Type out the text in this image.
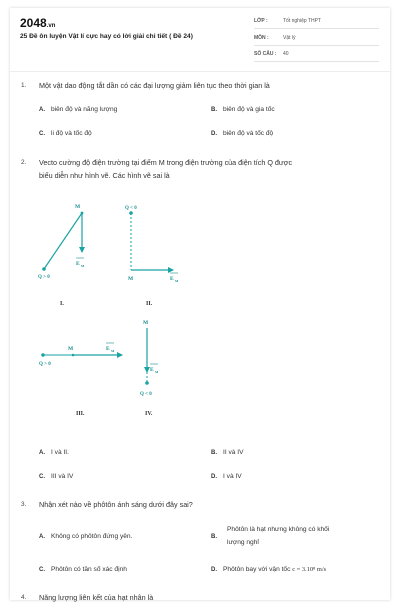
2048.vn
25 Đề ôn luyện Vật lí cực hay có lời giải chi tiết ( Đề 24)
LỚP :	Tốt nghiệp THPT
MÔN :	Vật lý
SỐ CÂU : 40
1. Một vật dao động tắt dần có các đại lượng giảm liên tục theo thời gian là
A. biên độ và năng lượng	B. biên độ và gia tốc
C. li độ và tốc độ	D. biên độ và tốc độ
2. Vecto cường độ điện trường tại điểm M trong điện trường của điện tích Q được
biểu diễn như hình vẽ. Các hình vẽ sai là
M
Q > 0
E M
I.
Q < 0
M	E M
II.
M
Q > 0
E M
III.
M
E M
Q < 0
IV.
A. I và II.	B. II và IV
C. III và IV	D. I và IV
3. Nhận xét nào về phôtôn ánh sáng dưới đây sai?
A. Không có phôtôn đứng yên.	B.
Phôtôn là hạt nhưng không có khối
lượng nghỉ
C. Phôtôn có tần số xác định	D. Phôtôn bay với vận tốc c = 3.10⁸ m/s
4. Năng lượng liên kết của hạt nhân là
